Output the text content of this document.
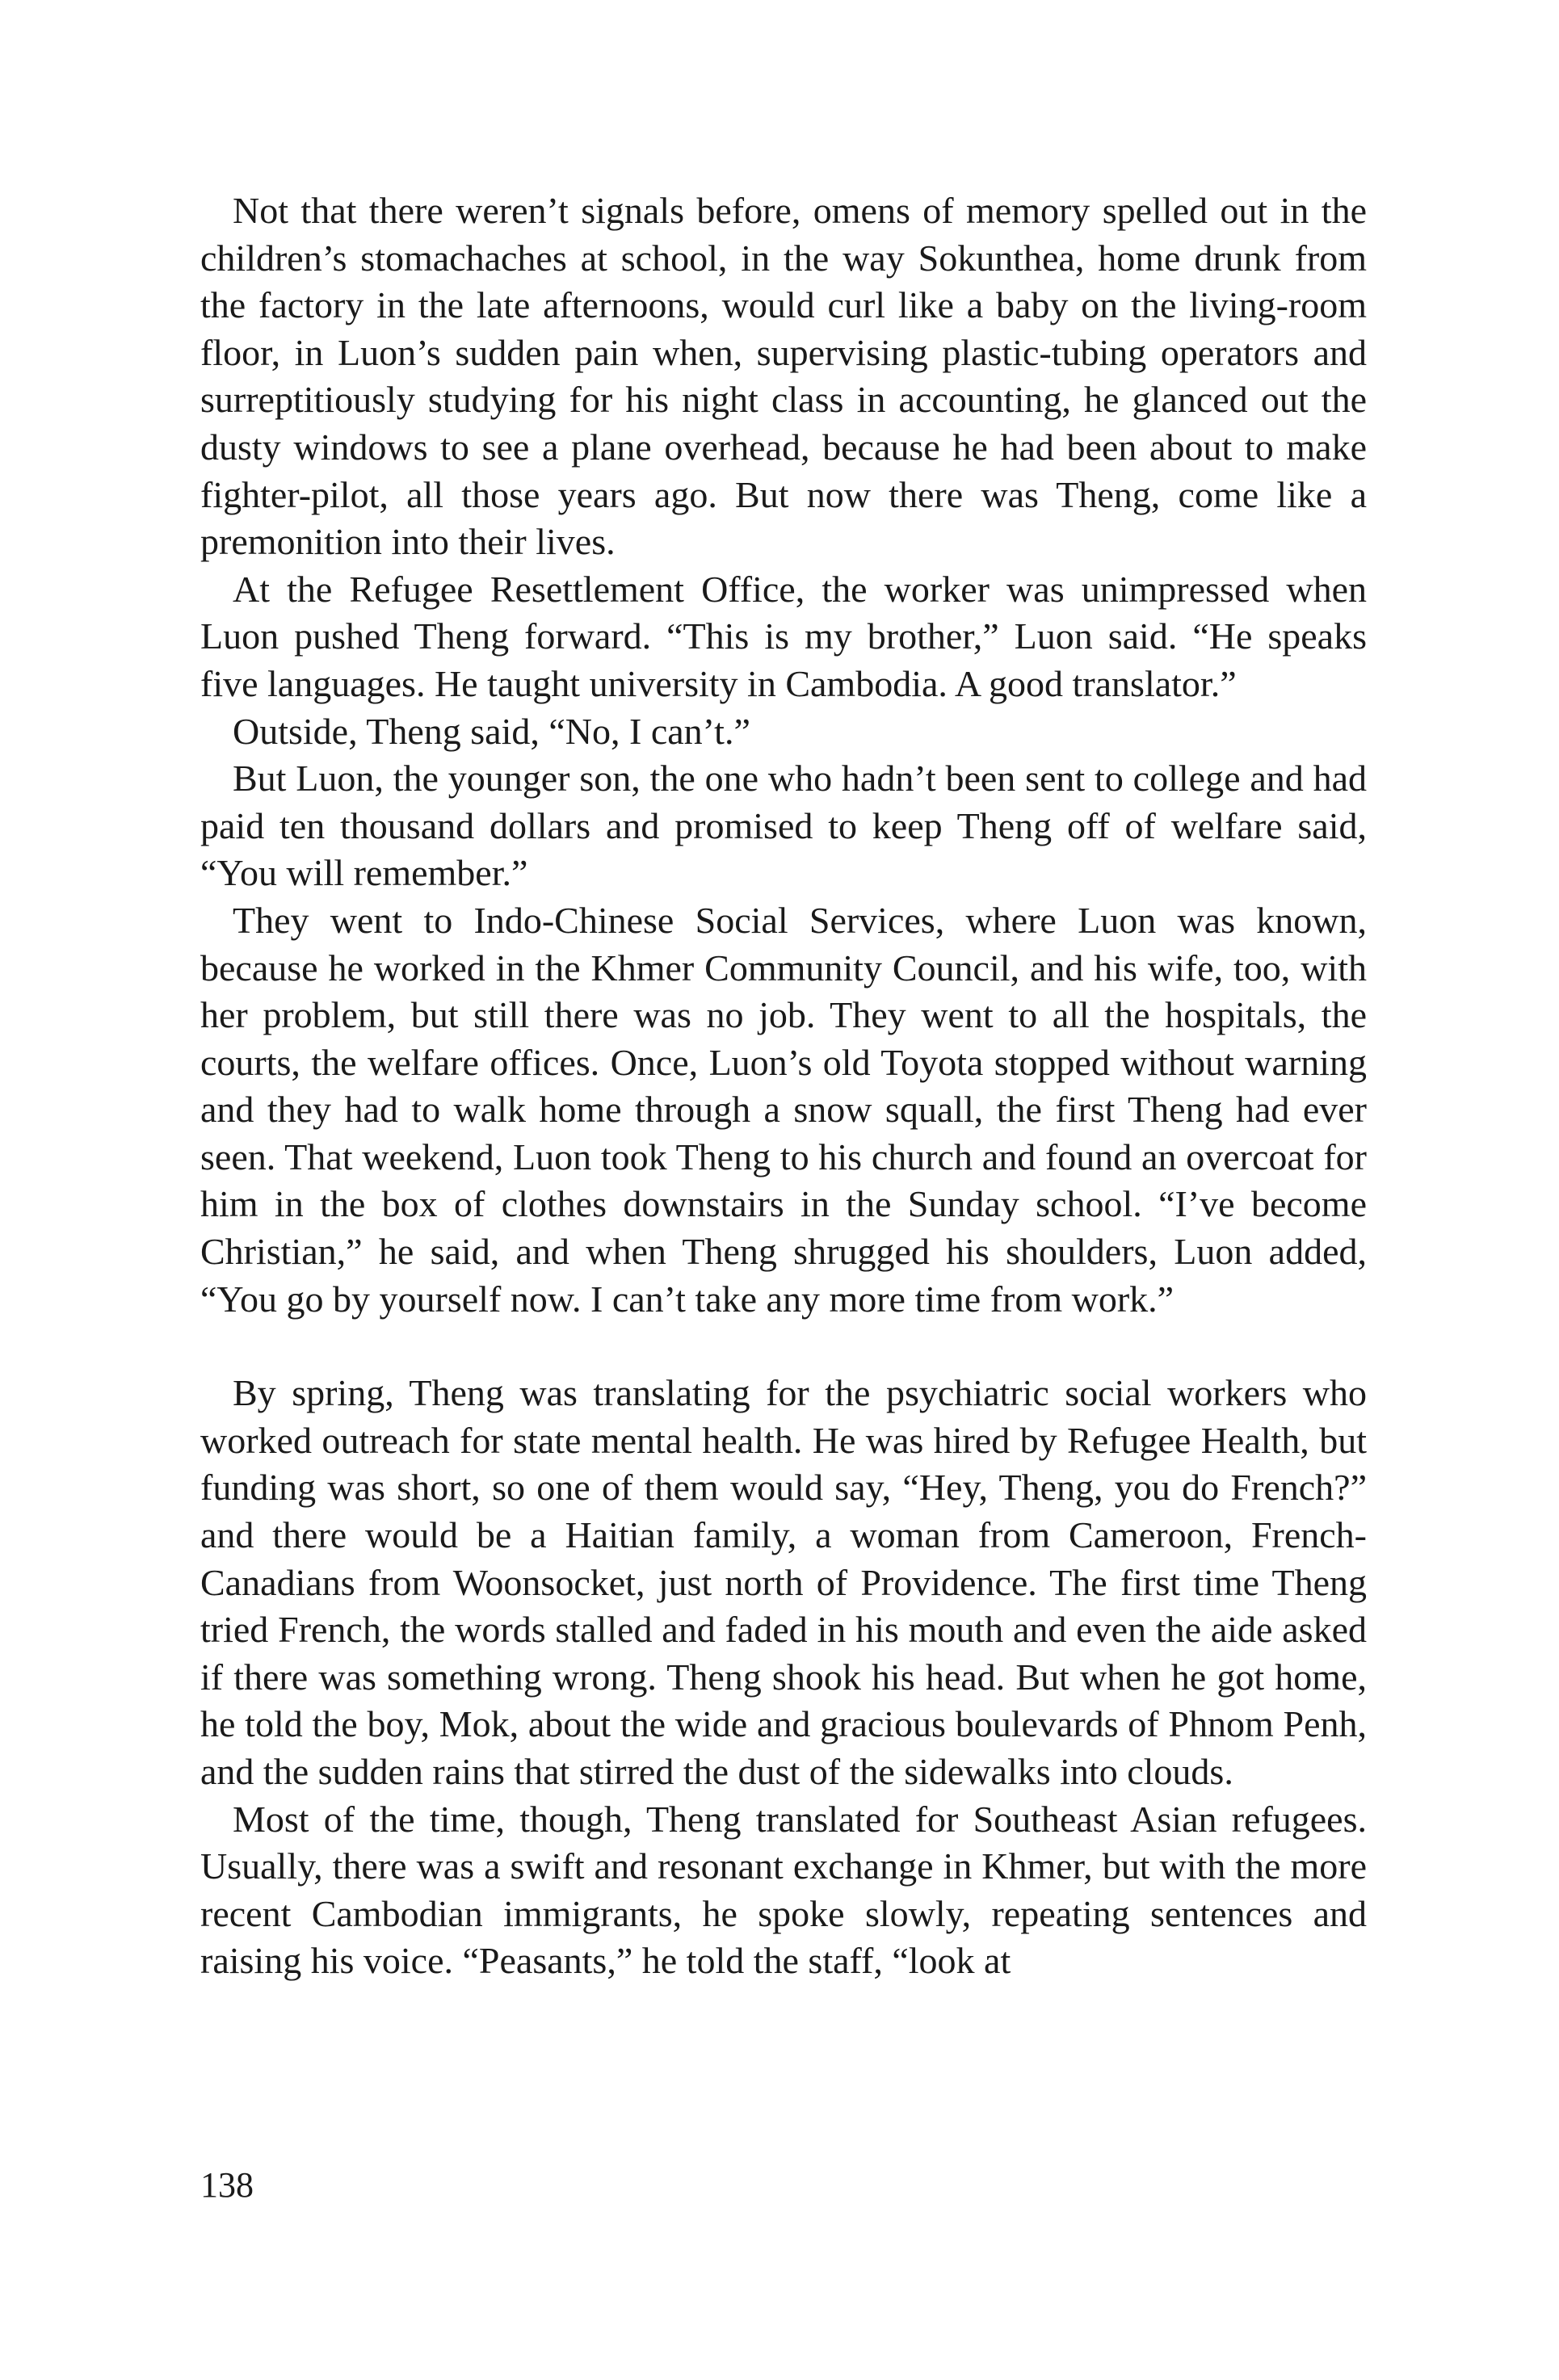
Not that there weren’t signals before, omens of memory spelled out in the children’s stomachaches at school, in the way Sokunthea, home drunk from the factory in the late afternoons, would curl like a baby on the living-room floor, in Luon’s sudden pain when, supervising plastic-tubing operators and surreptitiously studying for his night class in accounting, he glanced out the dusty windows to see a plane overhead, because he had been about to make fighter-pilot, all those years ago. But now there was Theng, come like a premonition into their lives.

At the Refugee Resettlement Office, the worker was unimpressed when Luon pushed Theng forward. “This is my brother,” Luon said. “He speaks five languages. He taught university in Cambodia. A good translator.”

Outside, Theng said, “No, I can’t.”

But Luon, the younger son, the one who hadn’t been sent to college and had paid ten thousand dollars and promised to keep Theng off of welfare said, “You will remember.”

They went to Indo-Chinese Social Services, where Luon was known, because he worked in the Khmer Community Council, and his wife, too, with her problem, but still there was no job. They went to all the hospitals, the courts, the welfare offices. Once, Luon’s old Toyota stopped without warning and they had to walk home through a snow squall, the first Theng had ever seen. That weekend, Luon took Theng to his church and found an overcoat for him in the box of clothes downstairs in the Sunday school. “I’ve become Christian,” he said, and when Theng shrugged his shoulders, Luon added, “You go by yourself now. I can’t take any more time from work.”

By spring, Theng was translating for the psychiatric social workers who worked outreach for state mental health. He was hired by Refugee Health, but funding was short, so one of them would say, “Hey, Theng, you do French?” and there would be a Haitian family, a woman from Cameroon, French-Canadians from Woonsocket, just north of Providence. The first time Theng tried French, the words stalled and faded in his mouth and even the aide asked if there was something wrong. Theng shook his head. But when he got home, he told the boy, Mok, about the wide and gracious boulevards of Phnom Penh, and the sudden rains that stirred the dust of the sidewalks into clouds.

Most of the time, though, Theng translated for Southeast Asian refugees. Usually, there was a swift and resonant exchange in Khmer, but with the more recent Cambodian immigrants, he spoke slowly, repeating sentences and raising his voice. “Peasants,” he told the staff, “look at

138
